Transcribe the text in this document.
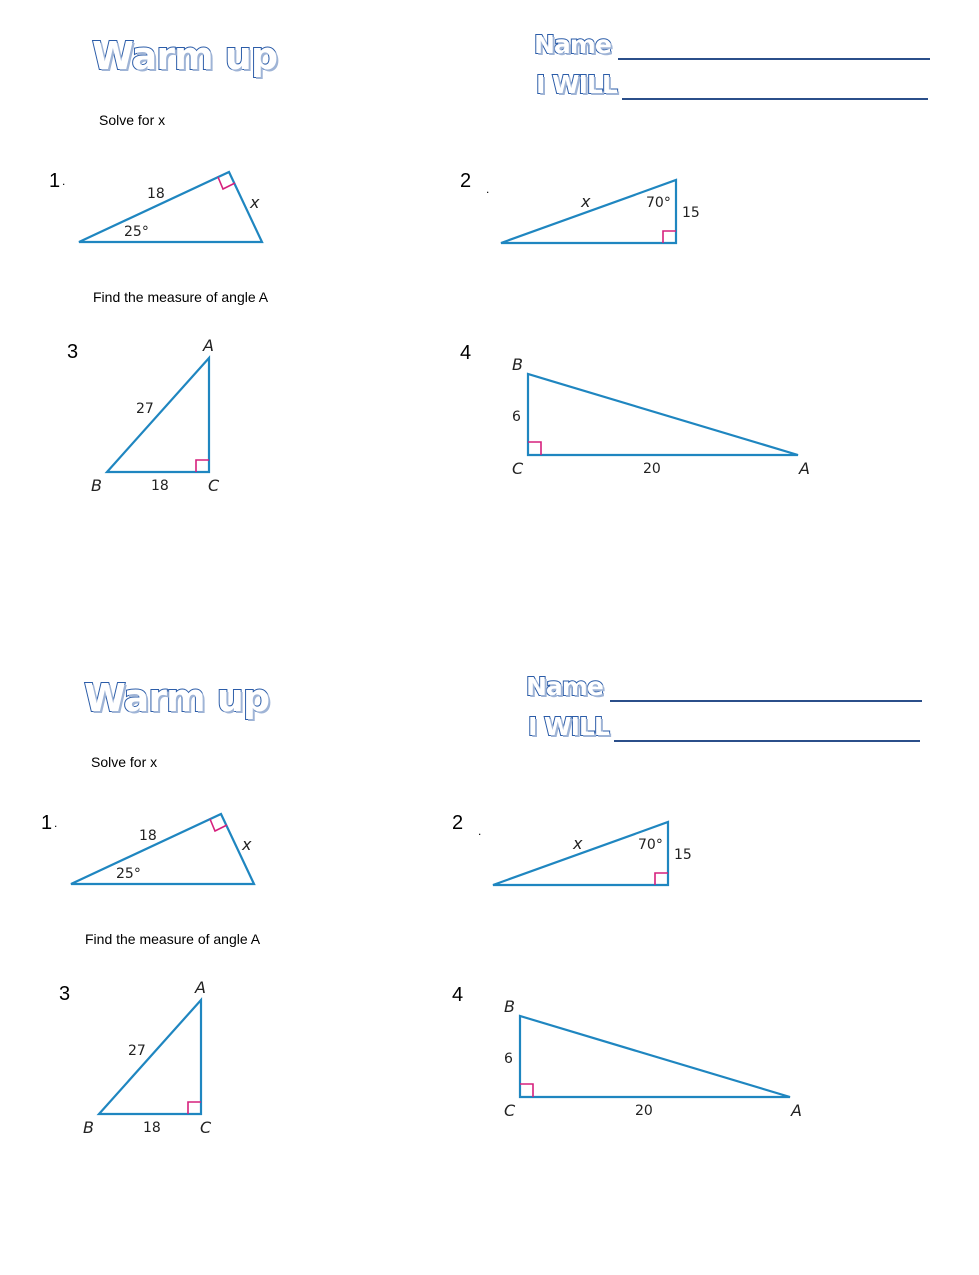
Warm up	Name
I WILL
Solve for x
Find the measure of angle A
1 .	2 .
3	4
18
25°
x	x	70°
15
A
27
B	18 C
B
6
C	20	A
Warm up	Name
I WILL
Solve for x
Find the measure of angle A
1 .	2 .
3	4
18
25°
x	x	70°
15
A
27
B	18 C
B
6
C	20	A
